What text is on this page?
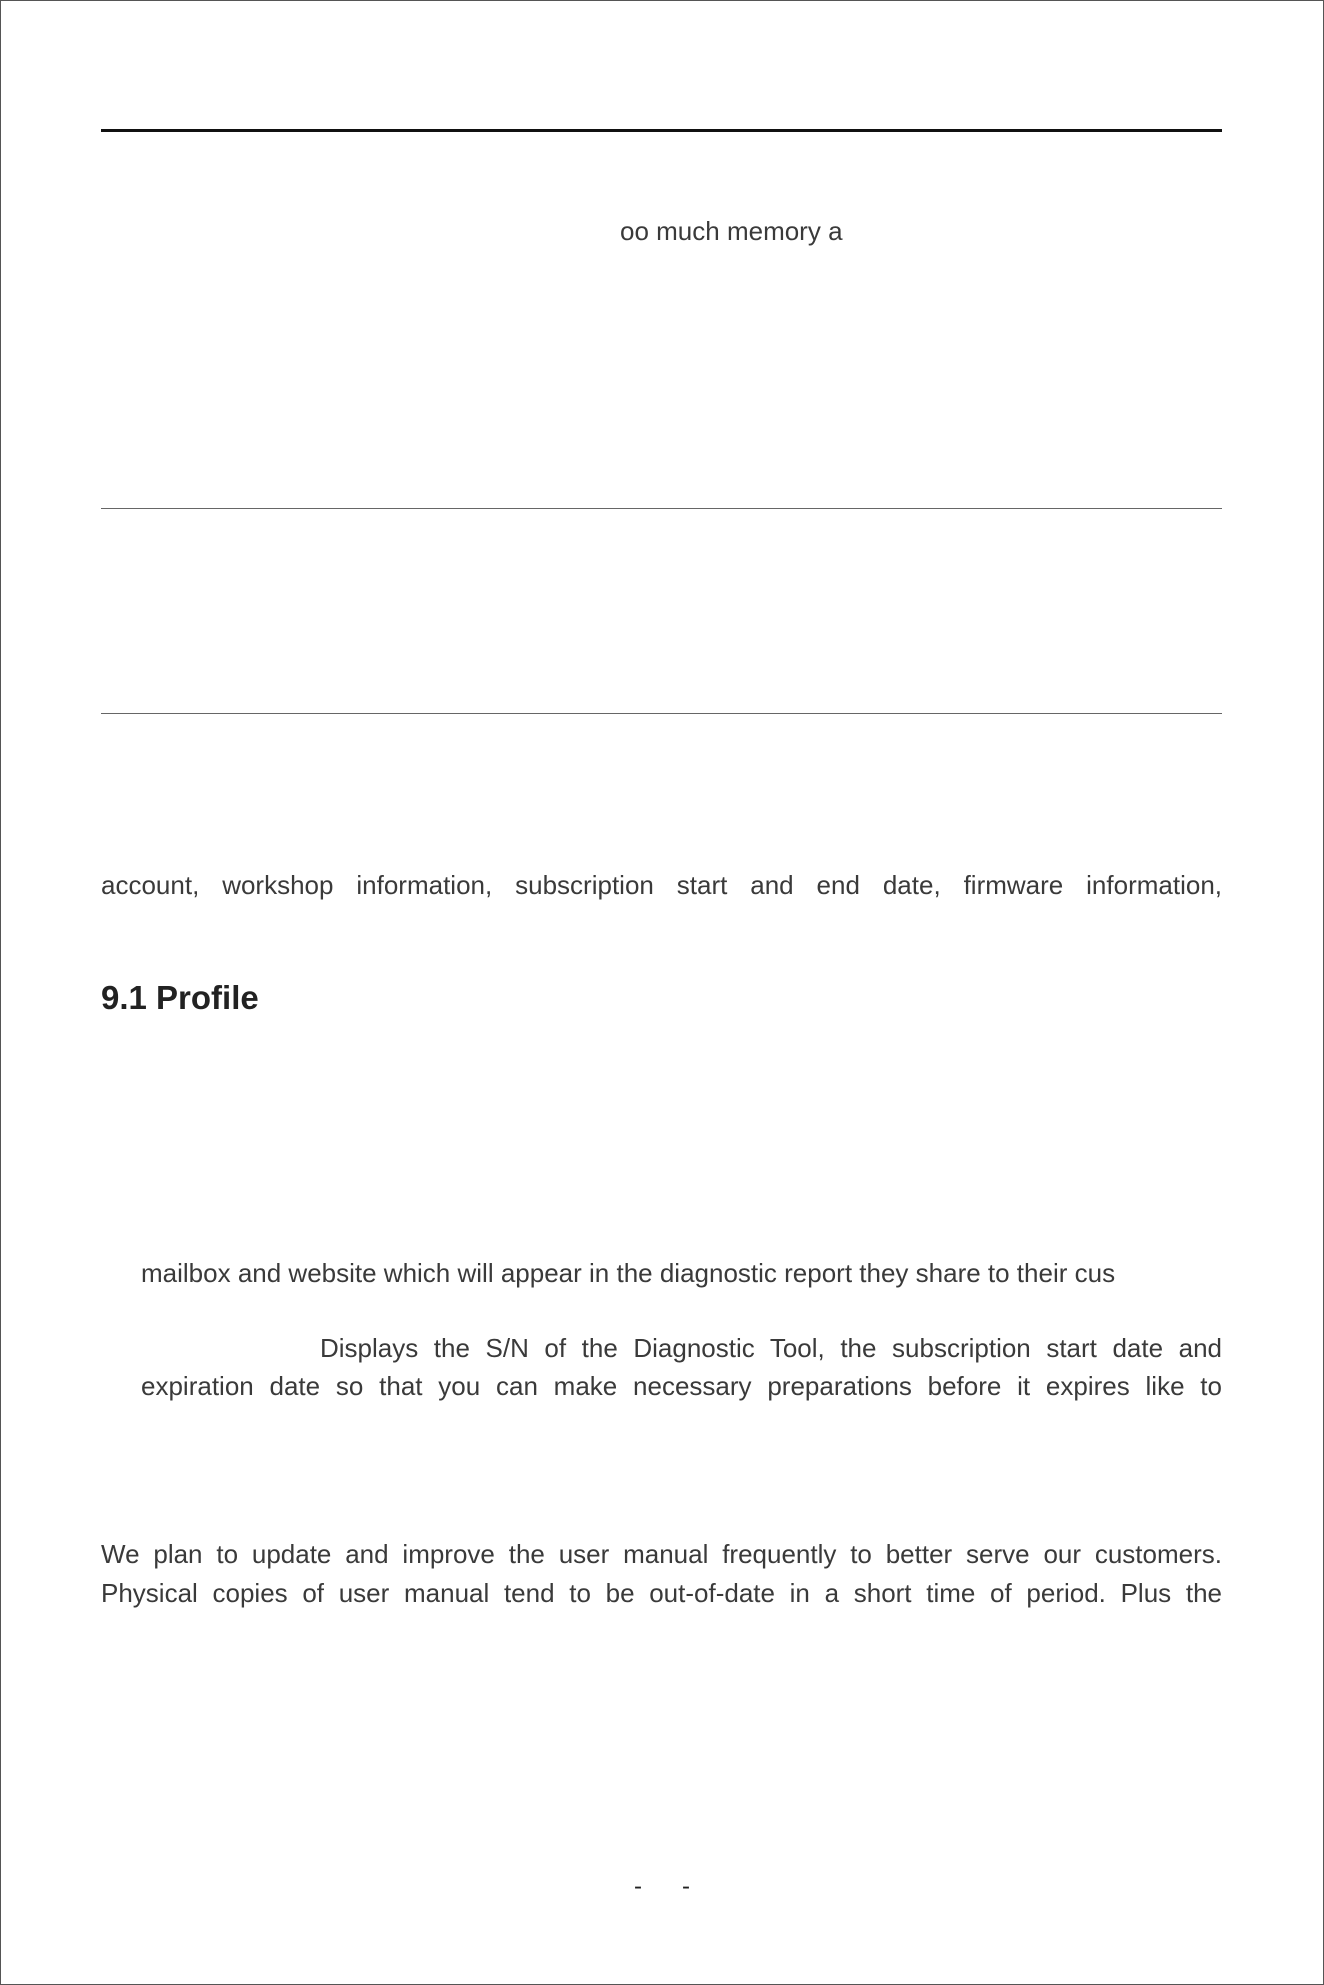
oo much memory a
account, workshop information, subscription start and end date, firmware information,
9.1 Profile
mailbox and website which will appear in the diagnostic report they share to their cus
Displays the S/N of the Diagnostic Tool, the subscription start date and
expiration date so that you can make necessary preparations before it expires like to
We plan to update and improve the user manual frequently to better serve our customers.
Physical copies of user manual tend to be out-of-date in a short time of period. Plus the
-      -
